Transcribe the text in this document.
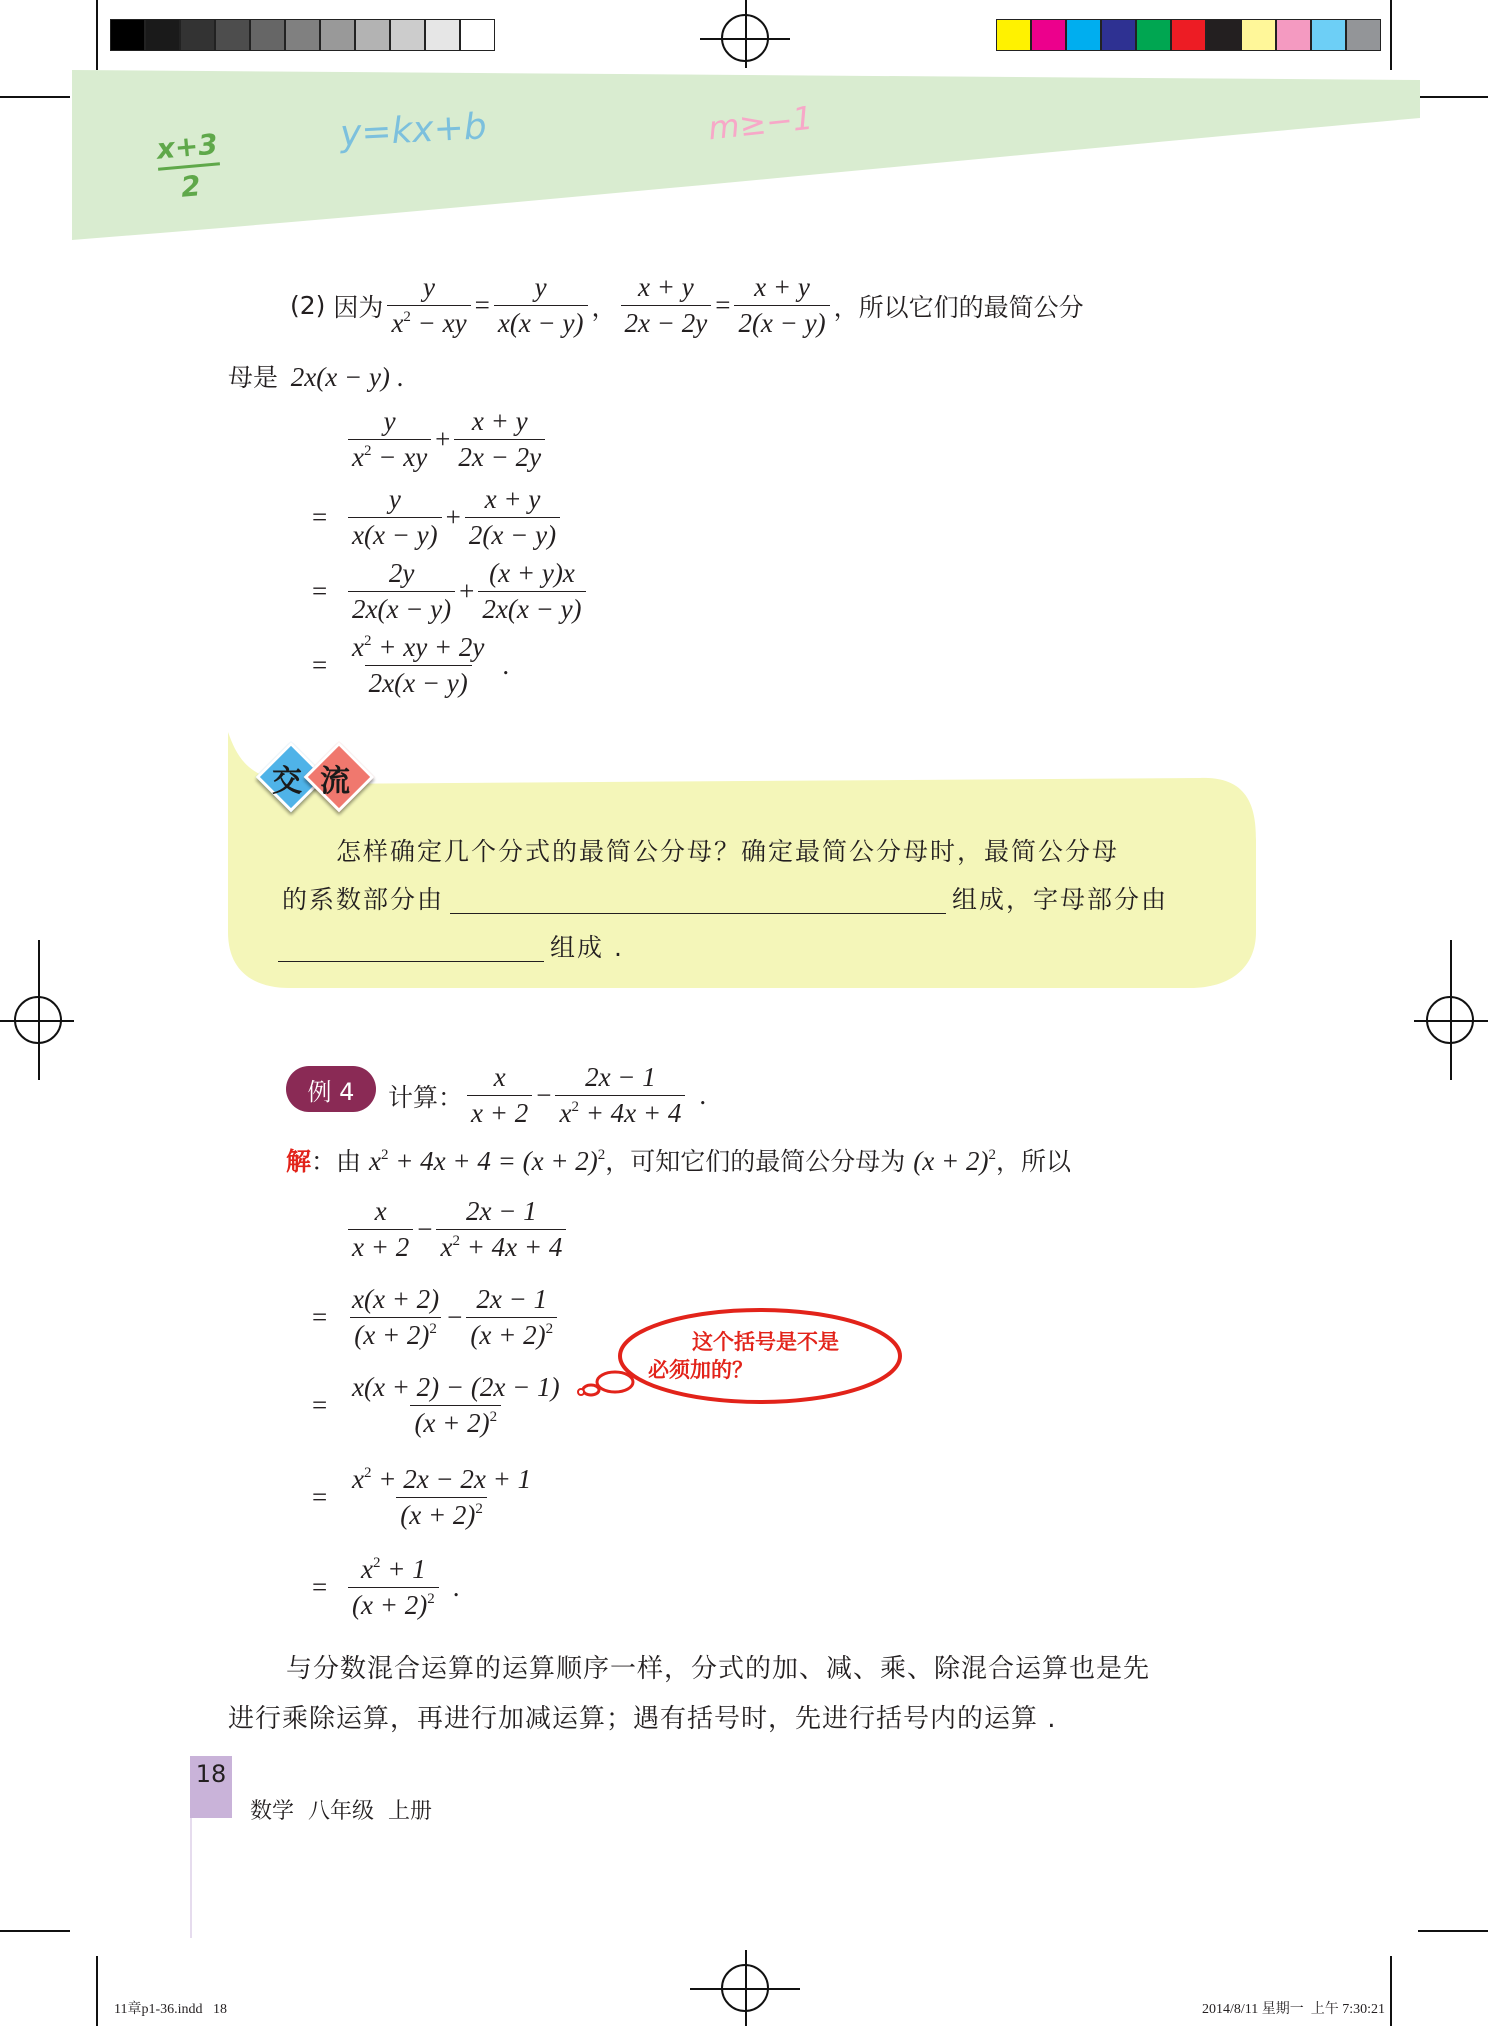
x+3
2
y=kx+b	m≥−1
(2) 因为 $\frac{y}{x^2 - xy} = \frac{y}{x(x - y)}$ ， $\frac{x + y}{2x - 2y} = \frac{x + y}{2(x - y)}$ ，所以它们的最简公分
母是 2x(x − y) .
$\frac{y}{x^2 - xy} + \frac{x + y}{2x - 2y}$
= $\frac{y}{x(x - y)} + \frac{x + y}{2(x - y)}$
= $\frac{2y}{2x(x - y)} + \frac{(x + y)x}{2x(x - y)}$
= $\frac{x^2 + xy + 2y}{2x(x - y)}$ .
交 流
怎样确定几个分式的最简公分母？确定最简公分母时，最简公分母
的系数部分由	组成，字母部分由
组成 .
例 4 计算： $\frac{x}{x + 2} - \frac{2x - 1}{x^2 + 4x + 4}$ .
解：由 $x^2 + 4x + 4 = (x + 2)^2$，可知它们的最简公分母为 $(x + 2)^2$，所以
$\frac{x}{x + 2} - \frac{2x - 1}{x^2 + 4x + 4}$
= $\frac{x(x + 2)}{(x + 2)^2} - \frac{2x - 1}{(x + 2)^2}$
= $\frac{x(x + 2) - (2x - 1)}{(x + 2)^2}$
= $\frac{x^2 + 2x - 2x + 1}{(x + 2)^2}$
= $\frac{x^2 + 1}{(x + 2)^2}$ .
这个括号是不是
必须加的？
与分数混合运算的运算顺序一样，分式的加、减、乘、除混合运算也是先
进行乘除运算，再进行加减运算；遇有括号时，先进行括号内的运算 .
18
数学  八年级  上册
11章p1-36.indd   18	2014/8/11 星期一  上午 7:30:21
